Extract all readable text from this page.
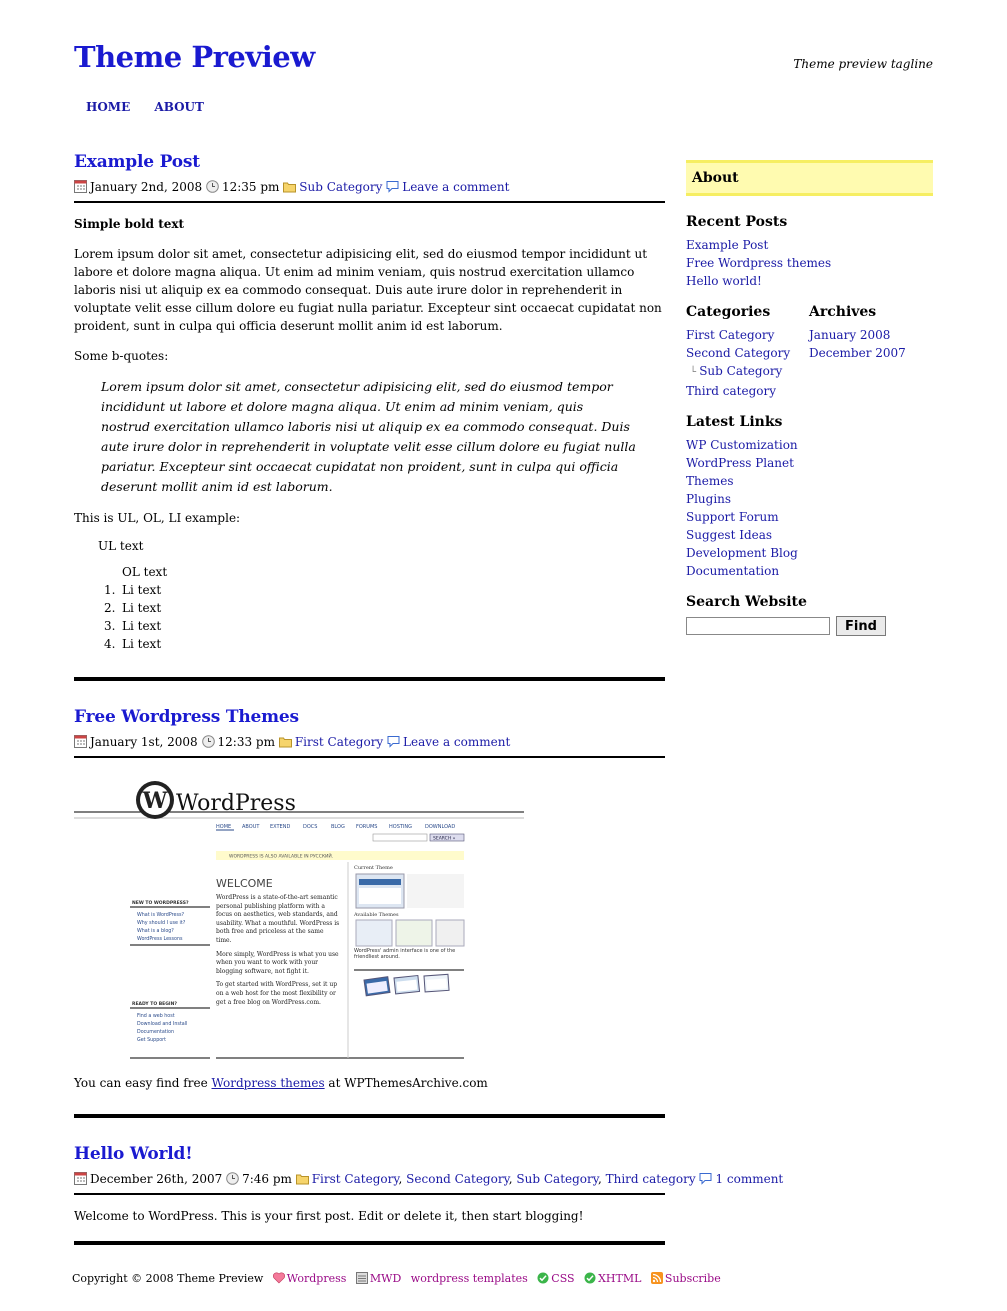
Theme Preview	Theme preview tagline
HOME ABOUT
Example Post
January 2nd, 2008 12:35 pm Sub Category Leave a comment

Simple bold text

Lorem ipsum dolor sit amet, consectetur adipisicing elit, sed do eiusmod tempor incididunt ut labore et dolore magna aliqua. Ut enim ad minim veniam, quis nostrud exercitation ullamco laboris nisi ut aliquip ex ea commodo consequat. Duis aute irure dolor in reprehenderit in voluptate velit esse cillum dolore eu fugiat nulla pariatur. Excepteur sint occaecat cupidatat non proident, sunt in culpa qui officia deserunt mollit anim id est laborum.

Some b-quotes:

Lorem ipsum dolor sit amet, consectetur adipisicing elit, sed do eiusmod tempor incididunt ut labore et dolore magna aliqua. Ut enim ad minim veniam, quis nostrud exercitation ullamco laboris nisi ut aliquip ex ea commodo consequat. Duis aute irure dolor in reprehenderit in voluptate velit esse cillum dolore eu fugiat nulla pariatur. Excepteur sint occaecat cupidatat non proident, sunt in culpa qui officia deserunt mollit anim id est laborum.

This is UL, OL, LI example:

UL text
OL text
1. Li text
2. Li text
3. Li text
4. Li text
Free Wordpress Themes
January 1st, 2008 12:33 pm First Category Leave a comment
W WordPress
HOME ABOUT EXTEND	DOCS	BLOG FORUMS HOSTING	DOWNLOAD
SEARCH »
WORDPRESS IS ALSO AVAILABLE IN РУССКИЙ.
WELCOME
NEW TO WORDPRESS?
What is WordPress?
Why should I use it?
What is a blog?
WordPress Lessons
READY TO BEGIN?
Find a web host
Download and Install
Documentation
Get Support
WordPress is a state-of-the-art semantic personal publishing platform with a focus on aesthetics, web standards, and usability. What a mouthful. WordPress is both free and priceless at the same time.
More simply, WordPress is what you use when you want to work with your blogging software, not fight it.
To get started with WordPress, set it up on a web host for the most flexibility or get a free blog on WordPress.com.
Current Theme
Available Themes
WordPress' admin interface is one of the friendliest around.

You can easy find free Wordpress themes at WPThemesArchive.com

Hello World!
December 26th, 2007 7:46 pm First Category, Second Category, Sub Category, Third category 1 comment

Welcome to WordPress. This is your first post. Edit or delete it, then start blogging!

About
Recent Posts
Example Post
Free Wordpress themes
Hello world!
Categories
First Category
Second Category
└ Sub Category
Third category
Archives
January 2008
December 2007
Latest Links
WP Customization
WordPress Planet
Themes
Plugins
Support Forum
Suggest Ideas
Development Blog
Documentation
Search Website
Find
Copyright © 2008 Theme Preview Wordpress MWD wordpress templates CSS XHTML Subscribe
